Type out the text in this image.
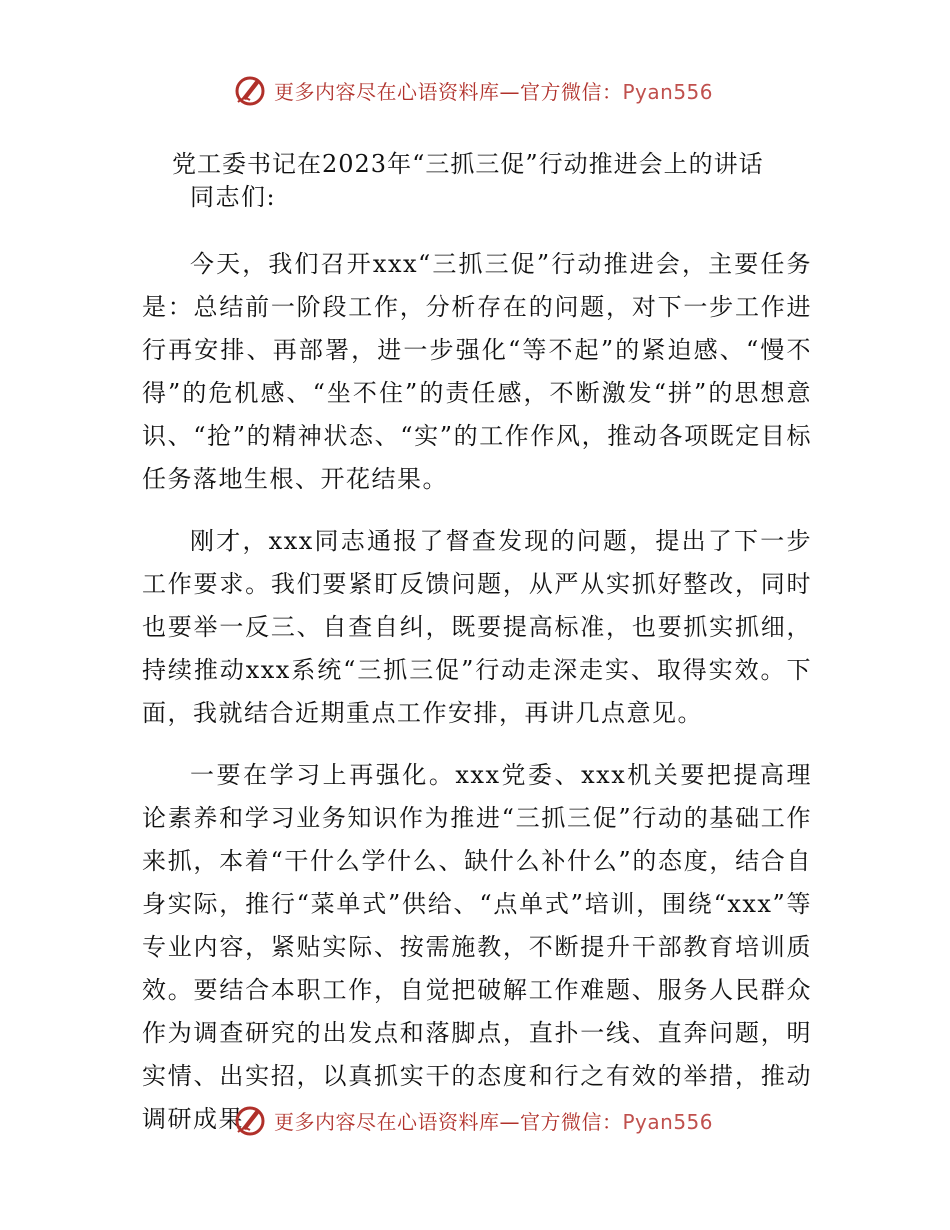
更多内容尽在心语资料库—官方微信：Pyan556
党工委书记在2023年“三抓三促”行动推进会上的讲话

同志们:

今天，我们召开xxx“三抓三促”行动推进会，主要任务是：总结前一阶段工作，分析存在的问题，对下一步工作进行再安排、再部署，进一步强化“等不起”的紧迫感、“慢不得”的危机感、“坐不住”的责任感，不断激发“拼”的思想意识、“抢”的精神状态、“实”的工作作风，推动各项既定目标任务落地生根、开花结果。

刚才，xxx同志通报了督查发现的问题，提出了下一步工作要求。我们要紧盯反馈问题，从严从实抓好整改，同时也要举一反三、自查自纠，既要提高标准，也要抓实抓细，持续推动xxx系统“三抓三促”行动走深走实、取得实效。下面，我就结合近期重点工作安排，再讲几点意见。

一要在学习上再强化。xxx党委、xxx机关要把提高理论素养和学习业务知识作为推进“三抓三促”行动的基础工作来抓，本着“干什么学什么、缺什么补什么”的态度，结合自身实际，推行“菜单式”供给、“点单式”培训，围绕“xxx”等专业内容，紧贴实际、按需施教，不断提升干部教育培训质效。要结合本职工作，自觉把破解工作难题、服务人民群众作为调查研究的出发点和落脚点，直扑一线、直奔问题，明实情、出实招，以真抓实干的态度和行之有效的举措，推动调研成果	更多内容尽在心语资料库—官方微信：Pyan556
